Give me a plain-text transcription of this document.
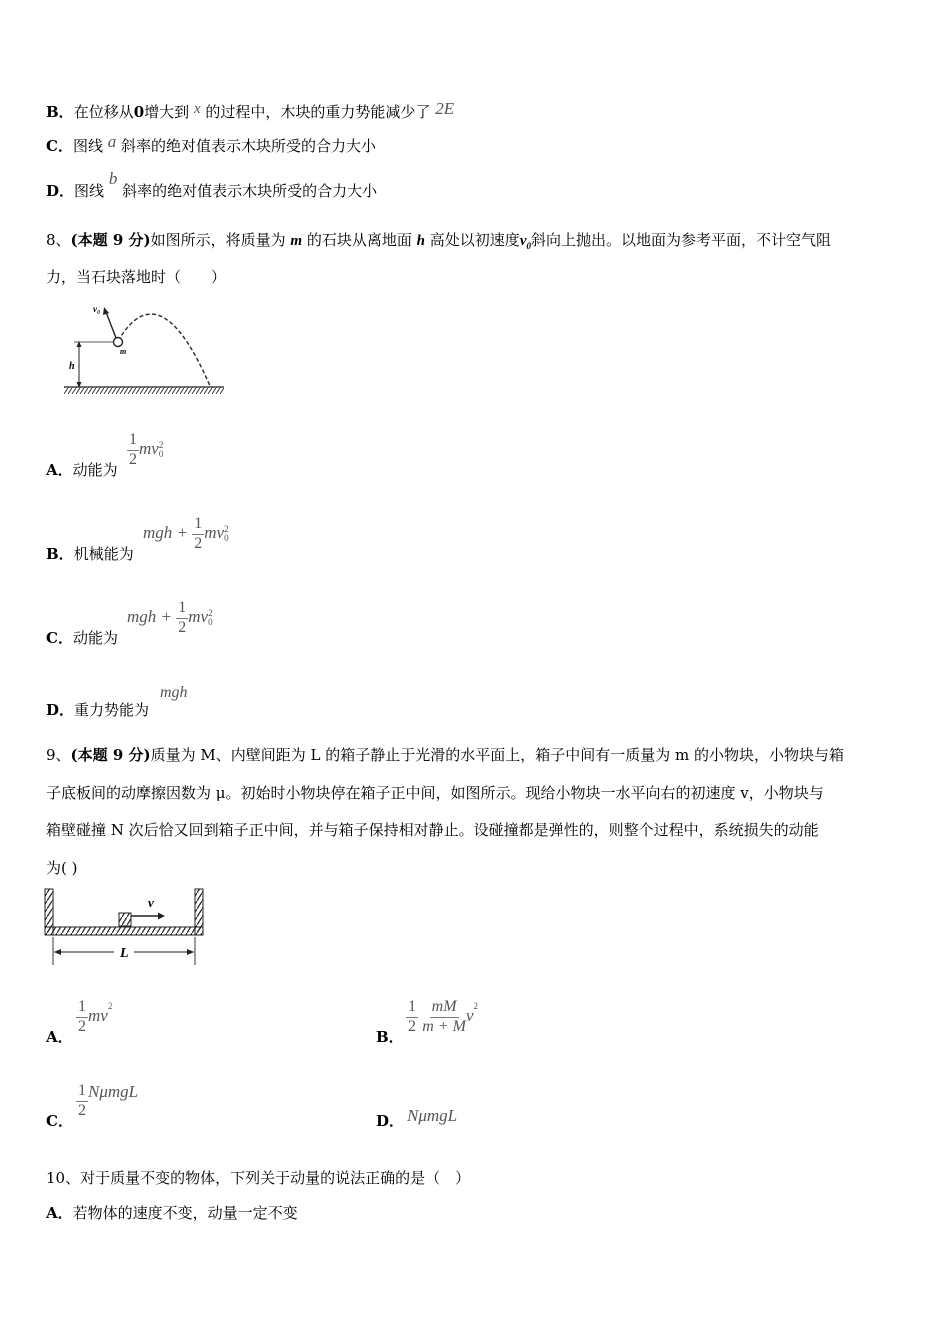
B．在位移从0增大到 x 的过程中，木块的重力势能减少了 2E
C．图线 a 斜率的绝对值表示木块所受的合力大小
D．图线 b 斜率的绝对值表示木块所受的合力大小
8、(本题 9 分)如图所示，将质量为 m 的石块从离地面 h 高处以初速度$v_0$斜向上抛出。以地面为参考平面，不计空气阻
力，当石块落地时（　　）
v₀
m
h
A．动能为
$\frac{1}{2}$ mv 2
0
B．机械能为
mgh + $\frac{1}{2}$ mv 2
0
C．动能为
mgh + $\frac{1}{2}$ mv 2
0
D．重力势能为
mgh
9、(本题 9 分)质量为 M、内壁间距为 L 的箱子静止于光滑的水平面上，箱子中间有一质量为 m 的小物块，小物块与箱
子底板间的动摩擦因数为 μ。初始时小物块停在箱子正中间，如图所示。现给小物块一水平向右的初速度 v，小物块与
箱壁碰撞 N 次后恰又回到箱子正中间，并与箱子保持相对静止。设碰撞都是弹性的，则整个过程中，系统损失的动能
为( )
v
L
A．
$\frac{1}{2} mv^2$
B．
$\frac{1}{2}$
$\frac{mM}{m + M} v^2$
C．
$\frac{1}{2}$ NμmgL
D． NμmgL
10、对于质量不变的物体，下列关于动量的说法正确的是（　）
A．若物体的速度不变，动量一定不变
